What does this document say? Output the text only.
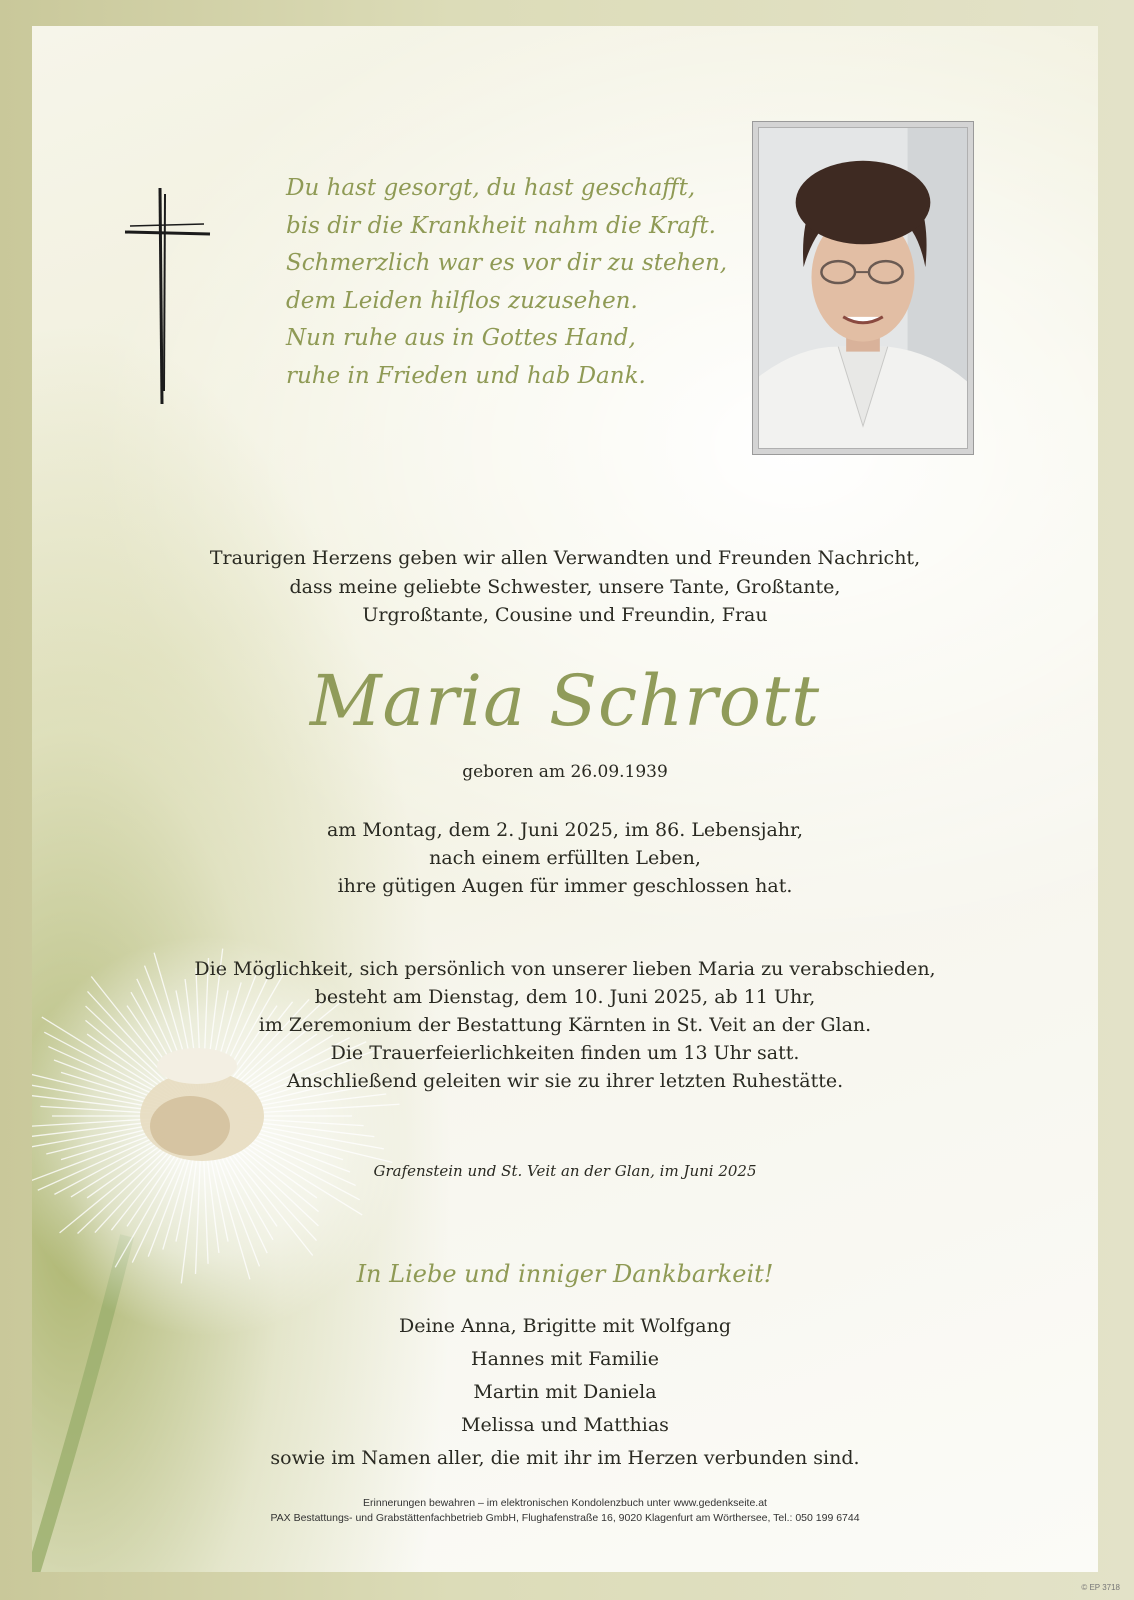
Du hast gesorgt, du hast geschafft,
bis dir die Krankheit nahm die Kraft.
Schmerzlich war es vor dir zu stehen,
dem Leiden hilflos zuzusehen.
Nun ruhe aus in Gottes Hand,
ruhe in Frieden und hab Dank.
Traurigen Herzens geben wir allen Verwandten und Freunden Nachricht,
dass meine geliebte Schwester, unsere Tante, Großtante,
Urgroßtante, Cousine und Freundin, Frau
Maria Schrott
geboren am 26.09.1939
am Montag, dem 2. Juni 2025, im 86. Lebensjahr,
nach einem erfüllten Leben,
ihre gütigen Augen für immer geschlossen hat.
Die Möglichkeit, sich persönlich von unserer lieben Maria zu verabschieden,
besteht am Dienstag, dem 10. Juni 2025, ab 11 Uhr,
im Zeremonium der Bestattung Kärnten in St. Veit an der Glan.
Die Trauerfeierlichkeiten finden um 13 Uhr satt.
Anschließend geleiten wir sie zu ihrer letzten Ruhestätte.
Grafenstein und St. Veit an der Glan, im Juni 2025
In Liebe und inniger Dankbarkeit!
Deine Anna, Brigitte mit Wolfgang
Hannes mit Familie
Martin mit Daniela
Melissa und Matthias
sowie im Namen aller, die mit ihr im Herzen verbunden sind.
Erinnerungen bewahren – im elektronischen Kondolenzbuch unter www.gedenkseite.at
PAX Bestattungs- und Grabstättenfachbetrieb GmbH, Flughafenstraße 16, 9020 Klagenfurt am Wörthersee, Tel.: 050 199 6744
© EP 3718
